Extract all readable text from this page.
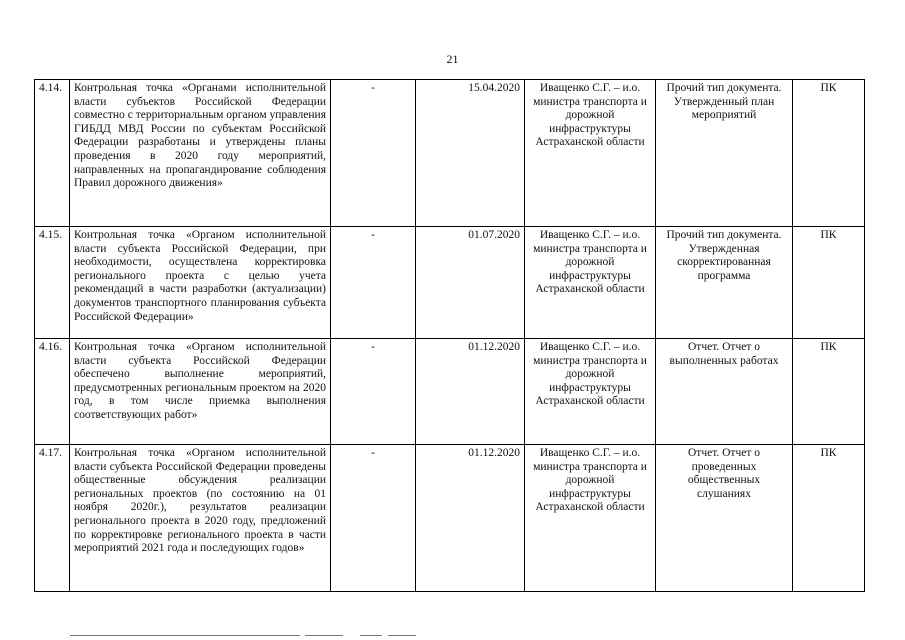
21
4.14.	Контрольная точка «Органами исполнительной власти субъектов Российской Федерации совместно с территориальным органом управления ГИБДД МВД России по субъектам Российской Федерации разработаны и утверждены планы проведения в 2020 году мероприятий, направленных на пропагандирование соблюдения Правил дорожного движения»	-	15.04.2020	Иващенко С.Г. – и.о. министра транспорта и дорожной инфраструктуры Астраханской области	Прочий тип документа. Утвержденный план мероприятий	ПК
4.15.	Контрольная точка «Органом исполнительной власти субъекта Российской Федерации, при необходимости, осуществлена корректировка регионального проекта с целью учета рекомендаций в части разработки (актуализации) документов транспортного планирования субъекта Российской Федерации»	-	01.07.2020	Иващенко С.Г. – и.о. министра транспорта и дорожной инфраструктуры Астраханской области	Прочий тип документа. Утвержденная скорректированная программа	ПК
4.16.	Контрольная точка «Органом исполнительной власти субъекта Российской Федерации обеспечено выполнение мероприятий, предусмотренных региональным проектом на 2020 год, в том числе приемка выполнения соответствующих работ»	-	01.12.2020	Иващенко С.Г. – и.о. министра транспорта и дорожной инфраструктуры Астраханской области	Отчет. Отчет о выполненных работах	ПК
4.17.	Контрольная точка «Органом исполнительной власти субъекта Российской Федерации проведены общественные обсуждения реализации региональных проектов (по состоянию на 01 ноября 2020г.), результатов реализации регионального проекта в 2020 году, предложений по корректировке регионального проекта в части мероприятий 2021 года и последующих годов»	-	01.12.2020	Иващенко С.Г. – и.о. министра транспорта и дорожной инфраструктуры Астраханской области	Отчет. Отчет о проведенных общественных слушаниях	ПК
